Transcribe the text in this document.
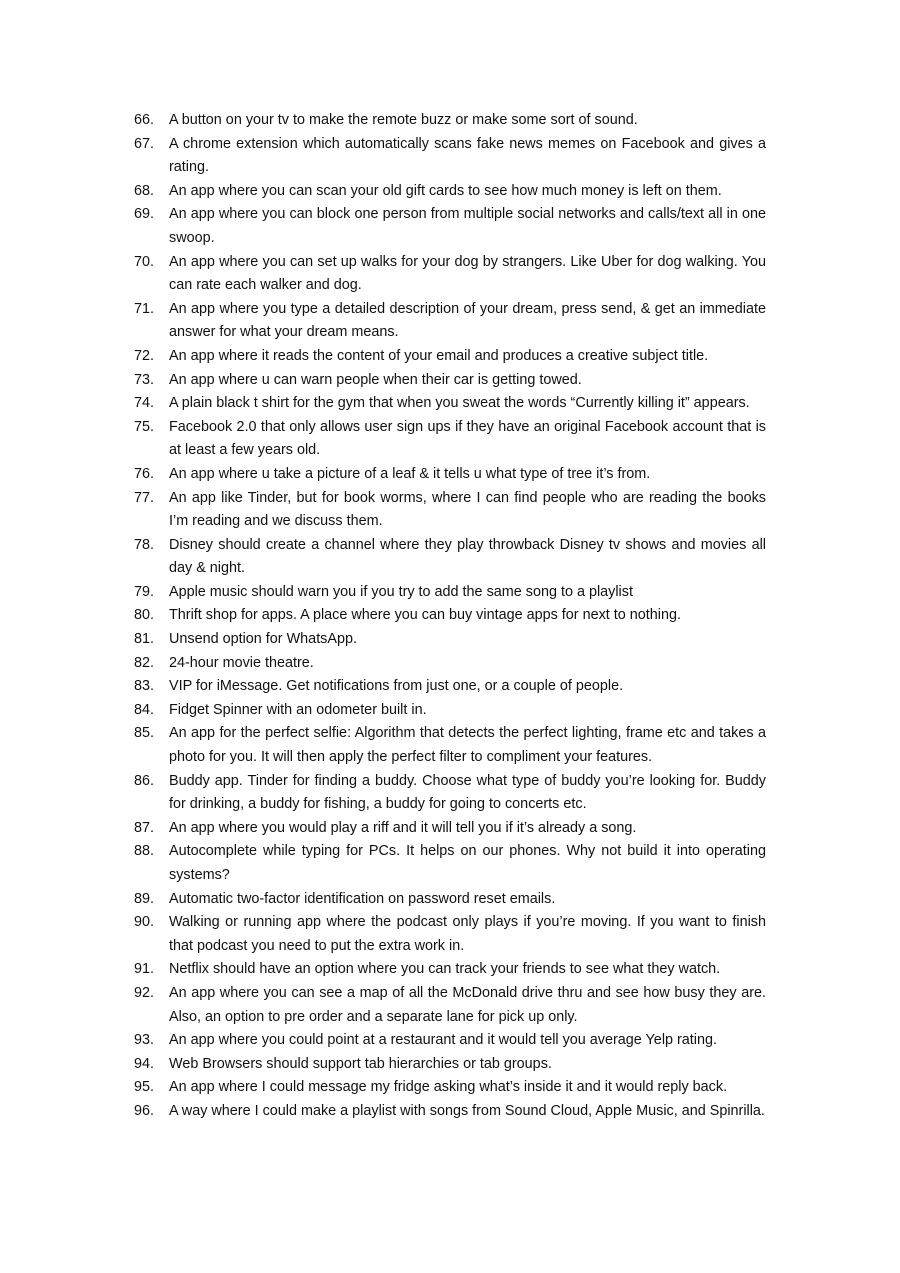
66.	A button on your tv to make the remote buzz or make some sort of sound.
67.	A chrome extension which automatically scans fake news memes on Facebook and gives a rating.
68.	An app where you can scan your old gift cards to see how much money is left on them.
69.	An app where you can block one person from multiple social networks and calls/text all in one swoop.
70.	An app where you can set up walks for your dog by strangers. Like Uber for dog walking. You can rate each walker and dog.
71.	An app where you type a detailed description of your dream, press send, & get an immediate answer for what your dream means.
72.	An app where it reads the content of your email and produces a creative subject title.
73.	An app where u can warn people when their car is getting towed.
74.	A plain black t shirt for the gym that when you sweat the words “Currently killing it” appears.
75.	Facebook 2.0 that only allows user sign ups if they have an original Facebook account that is at least a few years old.
76.	An app where u take a picture of a leaf & it tells u what type of tree it’s from.
77.	An app like Tinder, but for book worms, where I can find people who are reading the books I’m reading and we discuss them.
78.	Disney should create a channel where they play throwback Disney tv shows and movies all day & night.
79.	Apple music should warn you if you try to add the same song to a playlist
80.	Thrift shop for apps. A place where you can buy vintage apps for next to nothing.
81.	Unsend option for WhatsApp.
82.	24-hour movie theatre.
83.	VIP for iMessage. Get notifications from just one, or a couple of people.
84.	Fidget Spinner with an odometer built in.
85.	An app for the perfect selfie: Algorithm that detects the perfect lighting, frame etc and takes a photo for you. It will then apply the perfect filter to compliment your features.
86.	Buddy app. Tinder for finding a buddy. Choose what type of buddy you’re looking for. Buddy for drinking, a buddy for fishing, a buddy for going to concerts etc.
87.	An app where you would play a riff and it will tell you if it’s already a song.
88.	Autocomplete while typing for PCs. It helps on our phones. Why not build it into operating systems?
89.	Automatic two-factor identification on password reset emails.
90.	Walking or running app where the podcast only plays if you’re moving. If you want to finish that podcast you need to put the extra work in.
91.	Netflix should have an option where you can track your friends to see what they watch.
92.	An app where you can see a map of all the McDonald drive thru and see how busy they are. Also, an option to pre order and a separate lane for pick up only.
93.	An app where you could point at a restaurant and it would tell you average Yelp rating.
94.	Web Browsers should support tab hierarchies or tab groups.
95.	An app where I could message my fridge asking what’s inside it and it would reply back.
96.	A way where I could make a playlist with songs from Sound Cloud, Apple Music, and Spinrilla.
